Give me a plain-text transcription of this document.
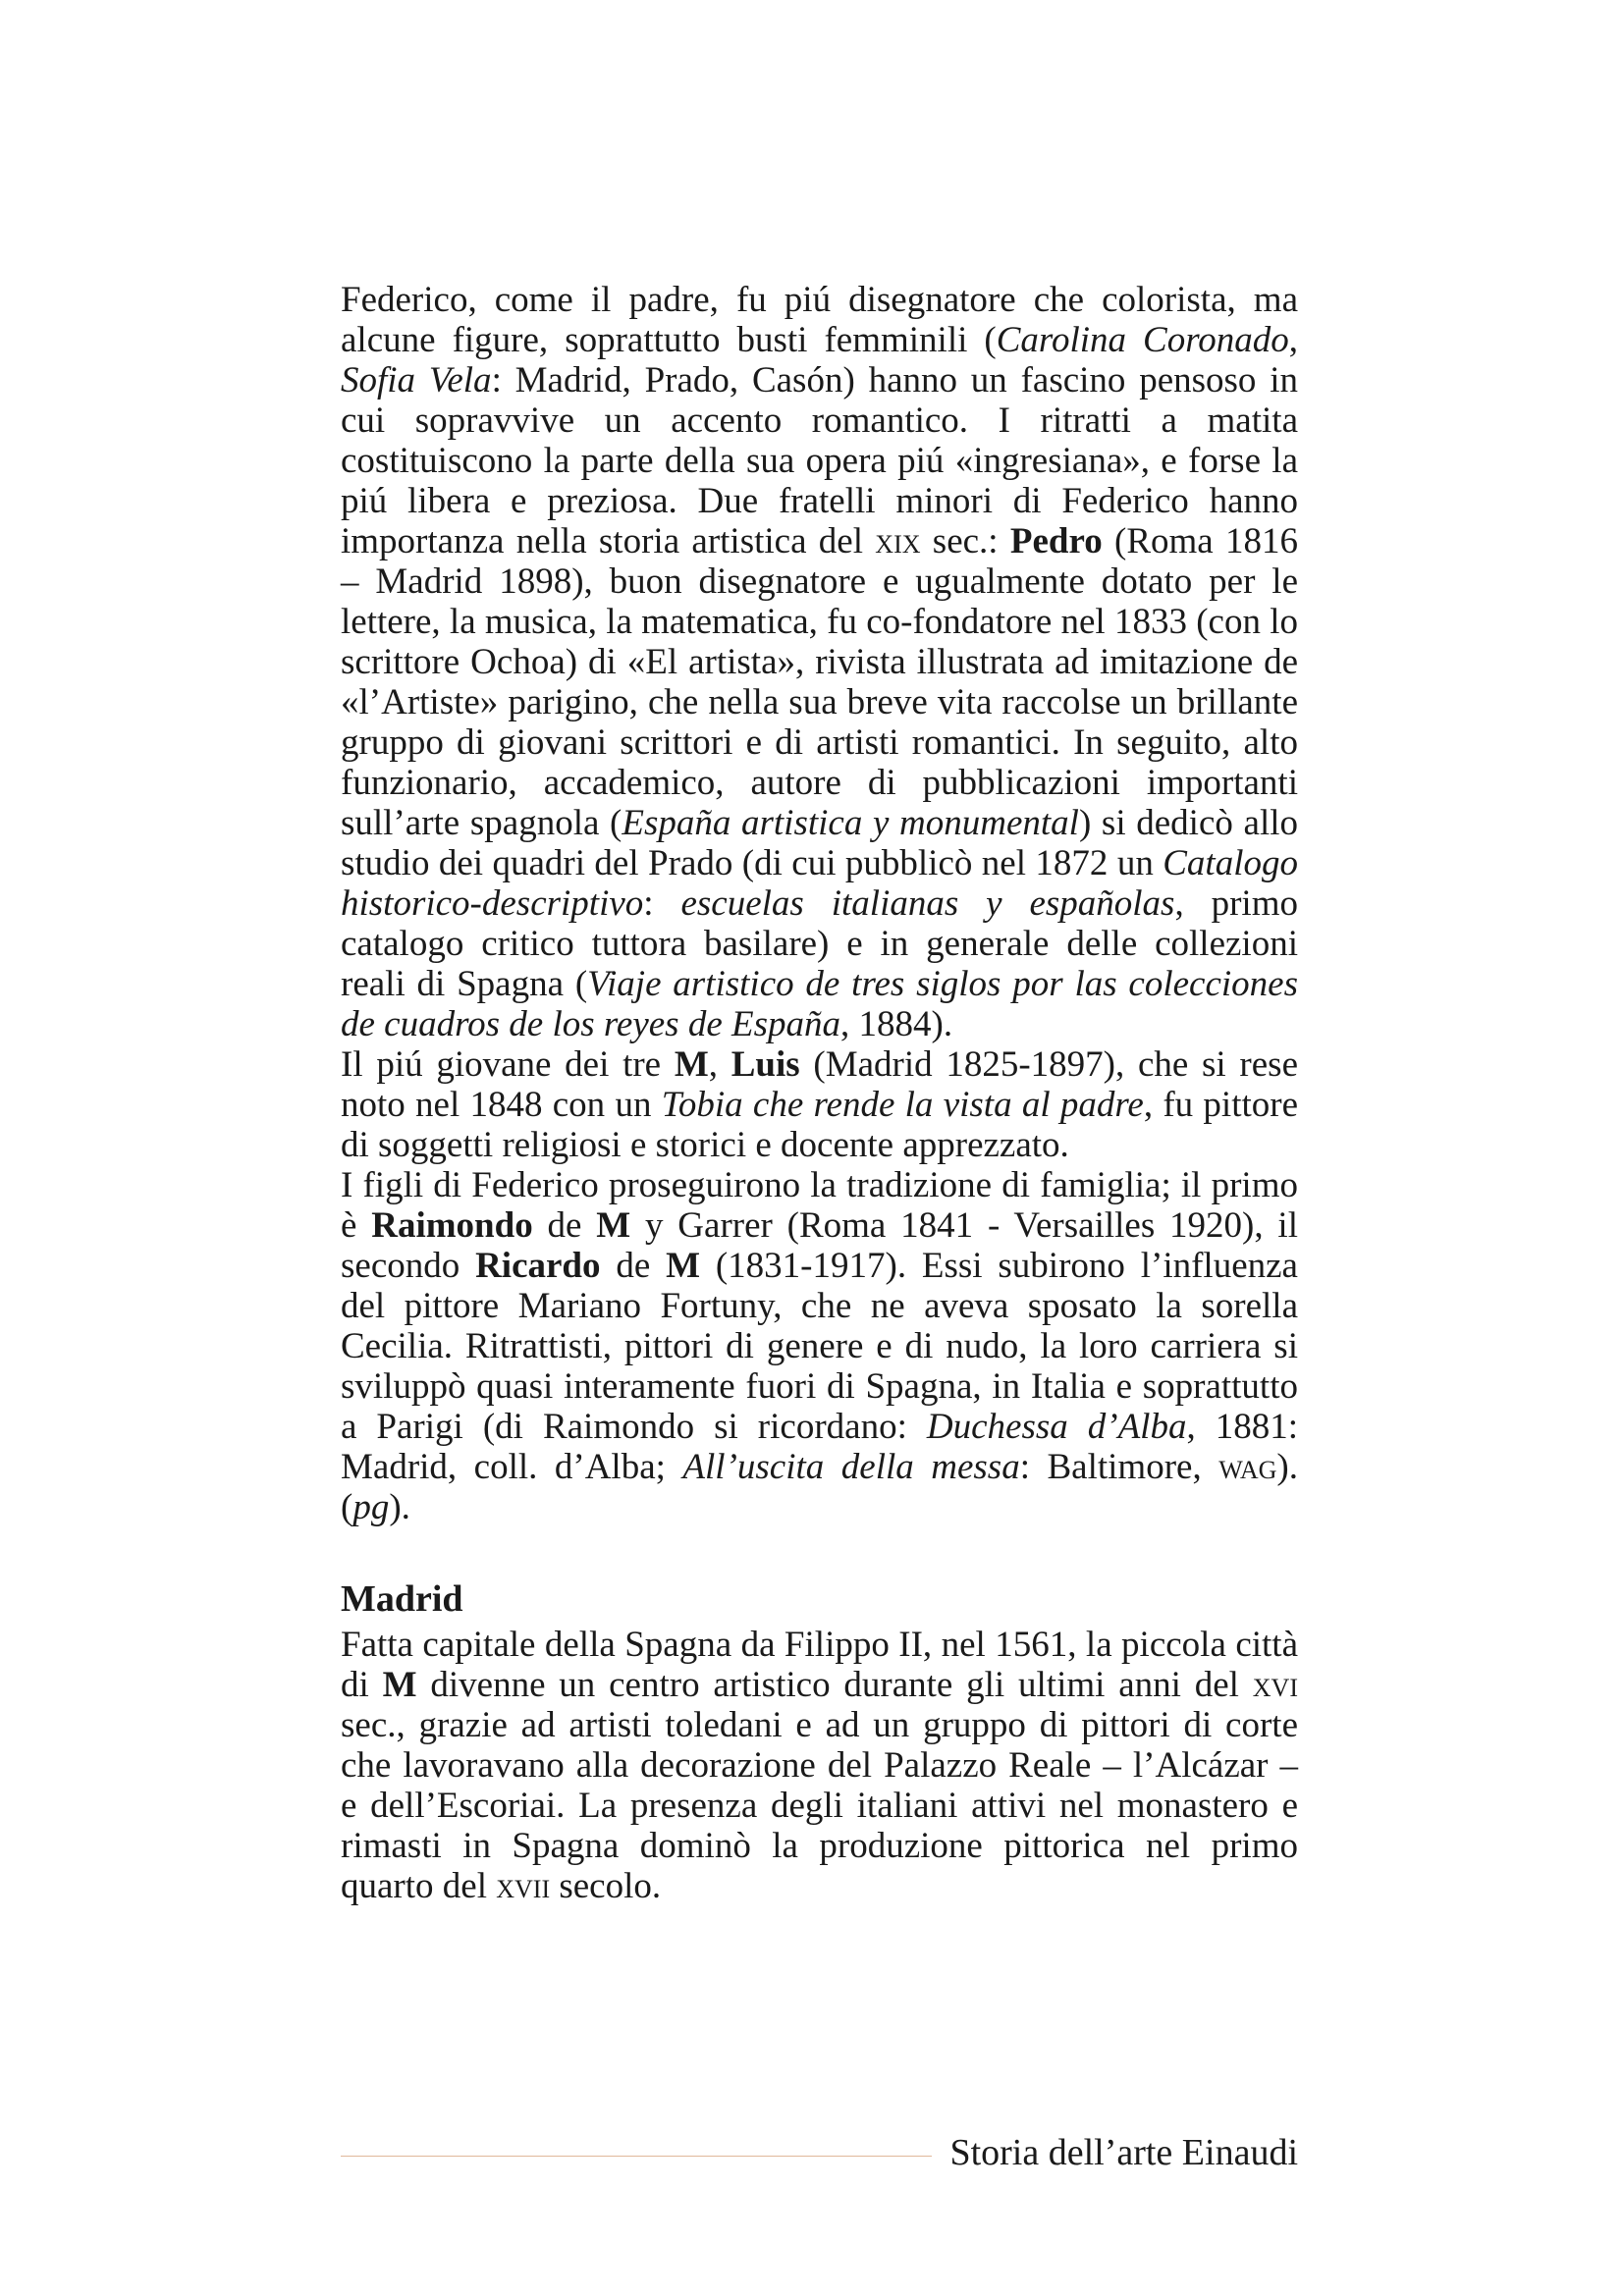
Federico, come il padre, fu piú disegnatore che colorista, ma alcune figure, soprattutto busti femminili (Carolina Coronado, Sofia Vela: Madrid, Prado, Casón) hanno un fascino pensoso in cui sopravvive un accento romantico. I ritratti a matita costituiscono la parte della sua opera piú «ingresiana», e forse la piú libera e preziosa. Due fratelli minori di Federico hanno importanza nella storia artistica del xix sec.: Pedro (Roma 1816 – Madrid 1898), buon disegnatore e ugualmente dotato per le lettere, la musica, la matematica, fu co-fondatore nel 1833 (con lo scrittore Ochoa) di «El artista», rivista illustrata ad imitazione de «l’Artiste» parigino, che nella sua breve vita raccolse un brillante gruppo di giovani scrittori e di artisti romantici. In seguito, alto funzionario, accademico, autore di pubblicazioni importanti sull’arte spagnola (España artistica y monumental) si dedicò allo studio dei quadri del Prado (di cui pubblicò nel 1872 un Catalogo historico-descriptivo: escuelas italianas y españolas, primo catalogo critico tuttora basilare) e in generale delle collezioni reali di Spagna (Viaje artistico de tres siglos por las colecciones de cuadros de los reyes de España, 1884).

Il piú giovane dei tre M, Luis (Madrid 1825-1897), che si rese noto nel 1848 con un Tobia che rende la vista al padre, fu pittore di soggetti religiosi e storici e docente apprezzato.

I figli di Federico proseguirono la tradizione di famiglia; il primo è Raimondo de M y Garrer (Roma 1841 - Versailles 1920), il secondo Ricardo de M (1831-1917). Essi subirono l’influenza del pittore Mariano Fortuny, che ne aveva sposato la sorella Cecilia. Ritrattisti, pittori di genere e di nudo, la loro carriera si sviluppò quasi interamente fuori di Spagna, in Italia e soprattutto a Parigi (di Raimondo si ricordano: Duchessa d’Alba, 1881: Madrid, coll. d’Alba; All’uscita della messa: Baltimore, wag). (pg).

Madrid

Fatta capitale della Spagna da Filippo II, nel 1561, la piccola città di M divenne un centro artistico durante gli ultimi anni del xvi sec., grazie ad artisti toledani e ad un gruppo di pittori di corte che lavoravano alla decorazione del Palazzo Reale – l’Alcázar – e dell’Escoriai. La presenza degli italiani attivi nel monastero e rimasti in Spagna dominò la produzione pittorica nel primo quarto del xvii secolo.

Storia dell’arte Einaudi
